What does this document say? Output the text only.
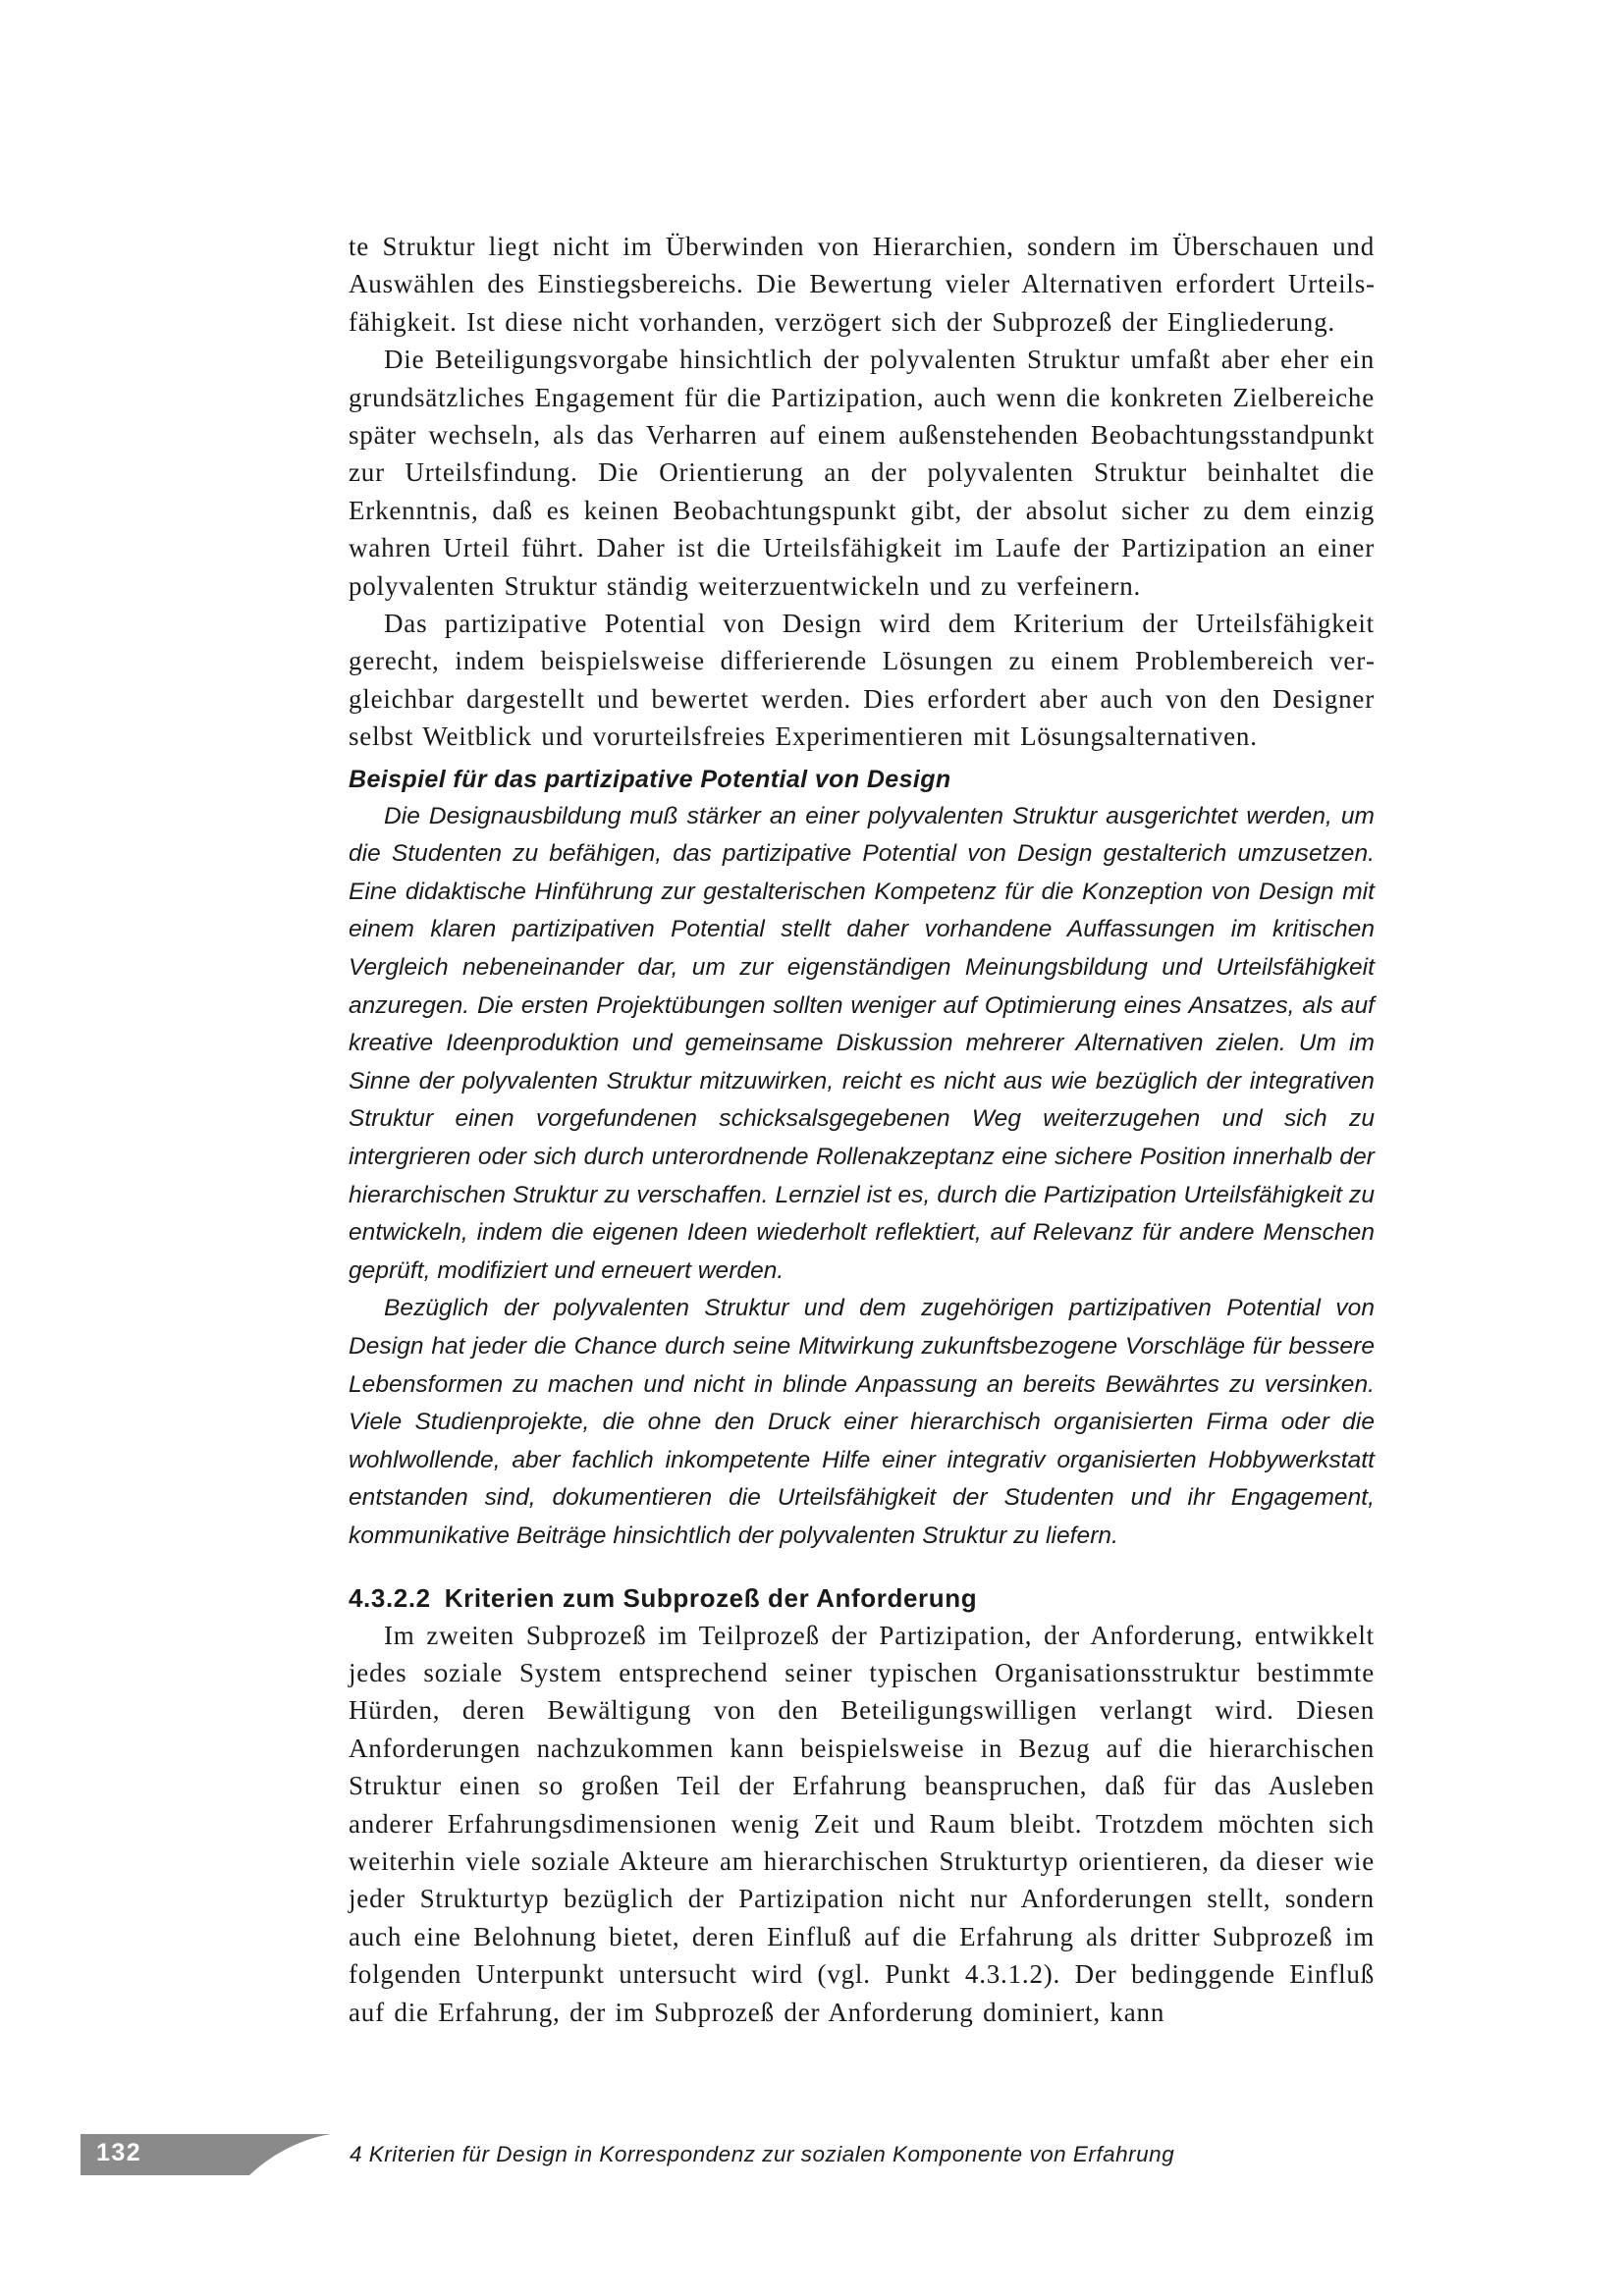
te Struktur liegt nicht im Überwinden von Hierarchien, sondern im Überschauen und Auswählen des Einstiegsbereichs. Die Bewertung vieler Alternativen erfordert Urteilsfähigkeit. Ist diese nicht vorhanden, verzögert sich der Subprozeß der Eingliederung.

Die Beteiligungsvorgabe hinsichtlich der polyvalenten Struktur umfaßt aber eher ein grundsätzliches Engagement für die Partizipation, auch wenn die konkreten Zielbereiche später wechseln, als das Verharren auf einem außenstehenden Beobachtungsstandpunkt zur Urteilsfindung. Die Orientierung an der polyvalenten Struktur beinhaltet die Erkenntnis, daß es keinen Beobachtungspunkt gibt, der absolut sicher zu dem einzig wahren Urteil führt. Daher ist die Urteilsfähigkeit im Laufe der Partizipation an einer polyvalenten Struktur ständig weiterzuentwickeln und zu verfeinern.

Das partizipative Potential von Design wird dem Kriterium der Urteilsfähigkeit gerecht, indem beispielsweise differierende Lösungen zu einem Problembereich vergleichbar dargestellt und bewertet werden. Dies erfordert aber auch von den Designer selbst Weitblick und vorurteilsfreies Experimentieren mit Lösungsalternativen.

Beispiel für das partizipative Potential von Design

Die Designausbildung muß stärker an einer polyvalenten Struktur ausgerichtet werden, um die Studenten zu befähigen, das partizipative Potential von Design gestalterich umzusetzen. Eine didaktische Hinführung zur gestalterischen Kompetenz für die Konzeption von Design mit einem klaren partizipativen Potential stellt daher vorhandene Auffassungen im kritischen Vergleich nebeneinander dar, um zur eigenständigen Meinungsbildung und Urteilsfähigkeit anzuregen. Die ersten Projektübungen sollten weniger auf Optimierung eines Ansatzes, als auf kreative Ideenproduktion und gemeinsame Diskussion mehrerer Alternativen zielen. Um im Sinne der polyvalenten Struktur mitzuwirken, reicht es nicht aus wie bezüglich der integrativen Struktur einen vorgefundenen schicksalsgegebenen Weg weiterzugehen und sich zu intergrieren oder sich durch unterordnende Rollenakzeptanz eine sichere Position innerhalb der hierarchischen Struktur zu verschaffen. Lernziel ist es, durch die Partizipation Urteilsfähigkeit zu entwickeln, indem die eigenen Ideen wiederholt reflektiert, auf Relevanz für andere Menschen geprüft, modifiziert und erneuert werden.

Bezüglich der polyvalenten Struktur und dem zugehörigen partizipativen Potential von Design hat jeder die Chance durch seine Mitwirkung zukunftsbezogene Vorschläge für bessere Lebensformen zu machen und nicht in blinde Anpassung an bereits Bewährtes zu versinken. Viele Studienprojekte, die ohne den Druck einer hierarchisch organisierten Firma oder die wohlwollende, aber fachlich inkompetente Hilfe einer integrativ organisierten Hobbywerkstatt entstanden sind, dokumentieren die Urteilsfähigkeit der Studenten und ihr Engagement, kommunikative Beiträge hinsichtlich der polyvalenten Struktur zu liefern.

4.3.2.2 Kriterien zum Subprozeß der Anforderung

Im zweiten Subprozeß im Teilprozeß der Partizipation, der Anforderung, entwikkelt jedes soziale System entsprechend seiner typischen Organisationsstruktur bestimmte Hürden, deren Bewältigung von den Beteiligungswilligen verlangt wird. Diesen Anforderungen nachzukommen kann beispielsweise in Bezug auf die hierarchischen Struktur einen so großen Teil der Erfahrung beanspruchen, daß für das Ausleben anderer Erfahrungsdimensionen wenig Zeit und Raum bleibt. Trotzdem möchten sich weiterhin viele soziale Akteure am hierarchischen Strukturtyp orientieren, da dieser wie jeder Strukturtyp bezüglich der Partizipation nicht nur Anforderungen stellt, sondern auch eine Belohnung bietet, deren Einfluß auf die Erfahrung als dritter Subprozeß im folgenden Unterpunkt untersucht wird (vgl. Punkt 4.3.1.2). Der bedinggende Einfluß auf die Erfahrung, der im Subprozeß der Anforderung dominiert, kann

132	4 Kriterien für Design in Korrespondenz zur sozialen Komponente von Erfahrung
